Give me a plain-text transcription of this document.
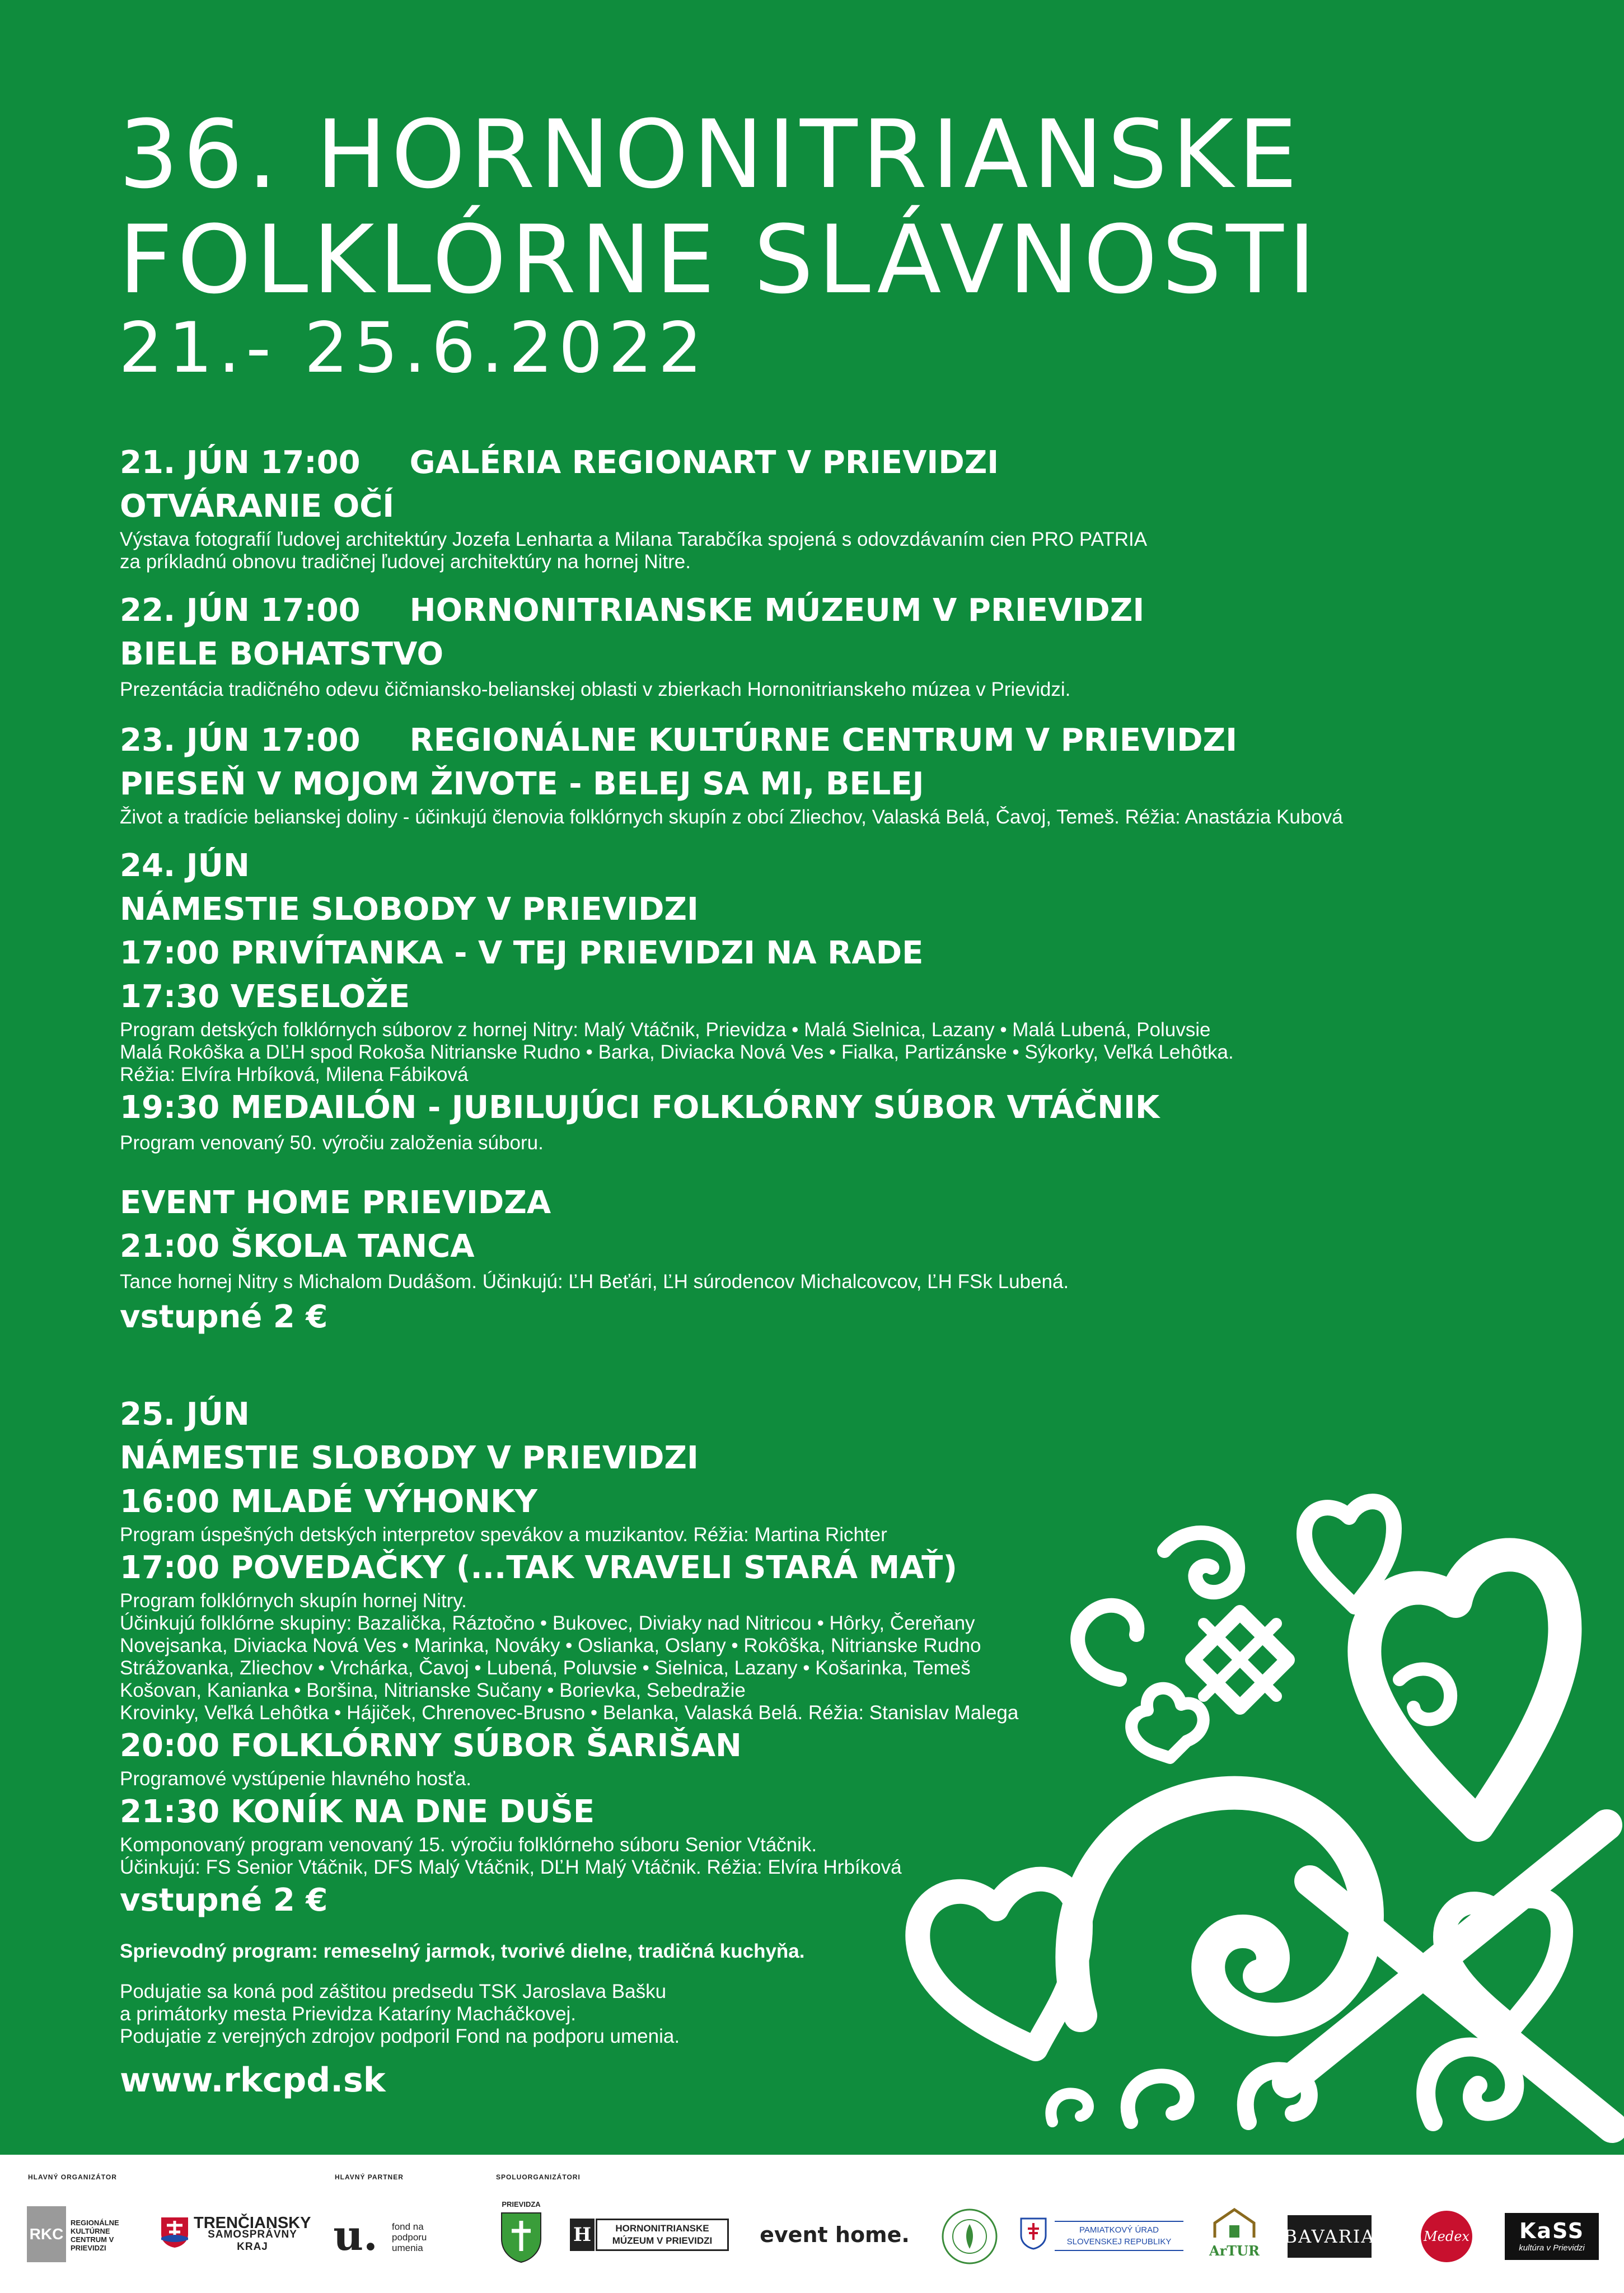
36. HORNONITRIANSKE
FOLKLÓRNE SLÁVNOSTI
21.- 25.6.2022
21. JÚN 17:00 GALÉRIA REGIONART V PRIEVIDZI
OTVÁRANIE OČÍ
Výstava fotografií ľudovej architektúry Jozefa Lenharta a Milana Tarabčíka spojená s odovzdávaním cien PRO PATRIA
za príkladnú obnovu tradičnej ľudovej architektúry na hornej Nitre.
22. JÚN 17:00 HORNONITRIANSKE MÚZEUM V PRIEVIDZI
BIELE BOHATSTVO
Prezentácia tradičného odevu čičmiansko-belianskej oblasti v zbierkach Hornonitrianskeho múzea v Prievidzi.
23. JÚN 17:00 REGIONÁLNE KULTÚRNE CENTRUM V PRIEVIDZI
PIESEŇ V MOJOM ŽIVOTE - BELEJ SA MI, BELEJ
Život a tradície belianskej doliny - účinkujú členovia folklórnych skupín z obcí Zliechov, Valaská Belá, Čavoj, Temeš. Réžia: Anastázia Kubová
24. JÚN
NÁMESTIE SLOBODY V PRIEVIDZI
17:00 PRIVÍTANKA - V TEJ PRIEVIDZI NA RADE
17:30 VESELOŽE
Program detských folklórnych súborov z hornej Nitry: Malý Vtáčnik, Prievidza • Malá Sielnica, Lazany • Malá Lubená, Poluvsie
Malá Rokôška a DĽH spod Rokoša Nitrianske Rudno • Barka, Diviacka Nová Ves • Fialka, Partizánske • Sýkorky, Veľká Lehôtka.
Réžia: Elvíra Hrbíková, Milena Fábiková
19:30 MEDAILÓN - JUBILUJÚCI FOLKLÓRNY SÚBOR VTÁČNIK
Program venovaný 50. výročiu založenia súboru.
EVENT HOME PRIEVIDZA
21:00 ŠKOLA TANCA
Tance hornej Nitry s Michalom Dudášom. Účinkujú: ĽH Beťári, ĽH súrodencov Michalcovcov, ĽH FSk Lubená.
vstupné 2 €
25. JÚN
NÁMESTIE SLOBODY V PRIEVIDZI
16:00 MLADÉ VÝHONKY
Program úspešných detských interpretov spevákov a muzikantov. Réžia: Martina Richter
17:00 POVEDAČKY (...TAK VRAVELI STARÁ MAŤ)
Program folklórnych skupín hornej Nitry.
Účinkujú folklórne skupiny: Bazalička, Ráztočno • Bukovec, Diviaky nad Nitricou • Hôrky, Čereňany
Novejsanka, Diviacka Nová Ves • Marinka, Nováky • Oslianka, Oslany • Rokôška, Nitrianske Rudno
Strážovanka, Zliechov • Vrchárka, Čavoj • Lubená, Poluvsie • Sielnica, Lazany • Košarinka, Temeš
Košovan, Kanianka • Boršina, Nitrianske Sučany • Borievka, Sebedražie
Krovinky, Veľká Lehôtka • Hájiček, Chrenovec-Brusno • Belanka, Valaská Belá. Réžia: Stanislav Malega
20:00 FOLKLÓRNY SÚBOR ŠARIŠAN
Programové vystúpenie hlavného hosťa.
21:30 KONÍK NA DNE DUŠE
Komponovaný program venovaný 15. výročiu folklórneho súboru Senior Vtáčnik.
Účinkujú: FS Senior Vtáčnik, DFS Malý Vtáčnik, DĽH Malý Vtáčnik. Réžia: Elvíra Hrbíková
vstupné 2 €
Sprievodný program: remeselný jarmok, tvorivé dielne, tradičná kuchyňa.
Podujatie sa koná pod záštitou predsedu TSK Jaroslava Bašku
a primátorky mesta Prievidza Kataríny Macháčkovej.
Podujatie z verejných zdrojov podporil Fond na podporu umenia.
www.rkcpd.sk
HLAVNÝ ORGANIZÁTOR	HLAVNÝ PARTNER	SPOLUORGANIZÁTORI
RKC
REGIONÁLNE KULTÚRNE CENTRUM V PRIEVIDZI
TRENČIANSKY
SAMOSPRÁVNY KRAJ	u. fond na podporu umenia
PRIEVIDZA
H	HORNONITRIANSKE
MÚZEUM V PRIEVIDZI event home.	PAMIATKOVÝ ÚRAD
SLOVENSKEJ REPUBLIKY
ArTUR
BAVARIA	Medex KaSS
kultúra v Prievidzi
